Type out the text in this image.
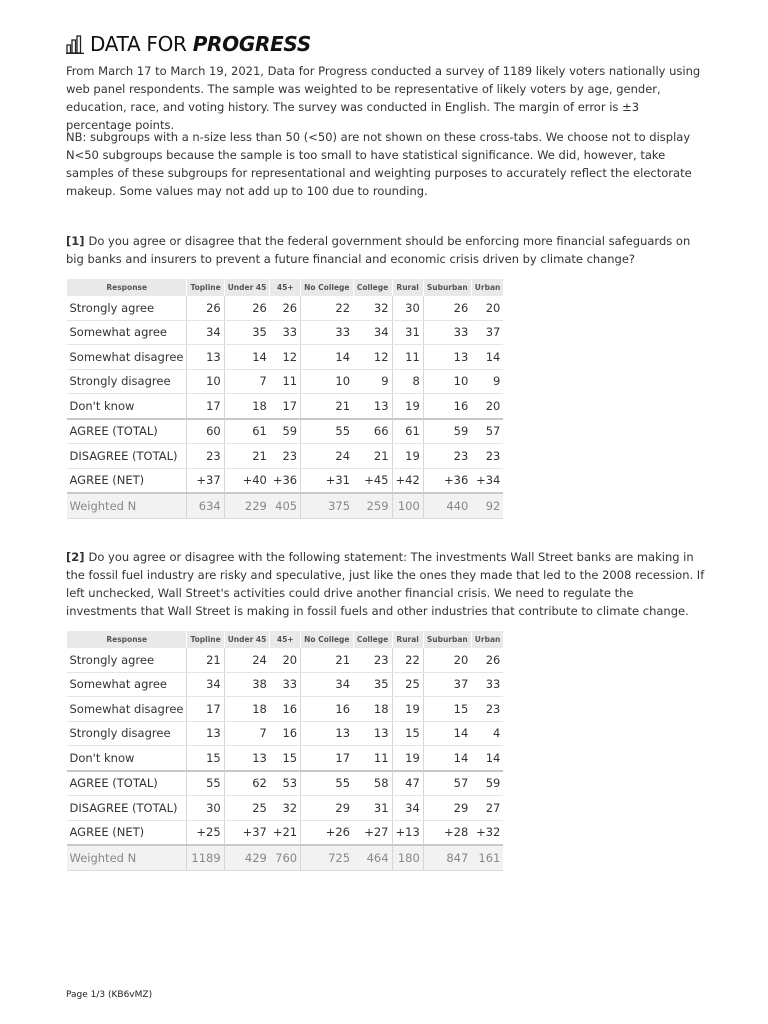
DATA FOR PROGRESS

From March 17 to March 19, 2021, Data for Progress conducted a survey of 1189 likely voters nationally using web panel respondents. The sample was weighted to be representative of likely voters by age, gender, education, race, and voting history. The survey was conducted in English. The margin of error is ±3 percentage points.

NB: subgroups with a n-size less than 50 (<50) are not shown on these cross-tabs. We choose not to display N<50 subgroups because the sample is too small to have statistical significance. We did, however, take samples of these subgroups for representational and weighting purposes to accurately reflect the electorate makeup. Some values may not add up to 100 due to rounding.

[1] Do you agree or disagree that the federal government should be enforcing more financial safeguards on big banks and insurers to prevent a future financial and economic crisis driven by climate change?

Response	Topline	Under 45	45+	No College	College	Rural	Suburban	Urban
Strongly agree	26	26	26	22	32	30	26	20
Somewhat agree	34	35	33	33	34	31	33	37
Somewhat disagree	13	14	12	14	12	11	13	14
Strongly disagree	10	7	11	10	9	8	10	9
Don't know	17	18	17	21	13	19	16	20
AGREE (TOTAL)	60	61	59	55	66	61	59	57
DISAGREE (TOTAL)	23	21	23	24	21	19	23	23
AGREE (NET)	+37	+40	+36	+31	+45	+42	+36	+34
Weighted N	634	229	405	375	259	100	440	92

[2] Do you agree or disagree with the following statement: The investments Wall Street banks are making in the fossil fuel industry are risky and speculative, just like the ones they made that led to the 2008 recession. If left unchecked, Wall Street's activities could drive another financial crisis. We need to regulate the investments that Wall Street is making in fossil fuels and other industries that contribute to climate change.

Response	Topline	Under 45	45+	No College	College	Rural	Suburban	Urban
Strongly agree	21	24	20	21	23	22	20	26
Somewhat agree	34	38	33	34	35	25	37	33
Somewhat disagree	17	18	16	16	18	19	15	23
Strongly disagree	13	7	16	13	13	15	14	4
Don't know	15	13	15	17	11	19	14	14
AGREE (TOTAL)	55	62	53	55	58	47	57	59
DISAGREE (TOTAL)	30	25	32	29	31	34	29	27
AGREE (NET)	+25	+37	+21	+26	+27	+13	+28	+32
Weighted N	1189	429	760	725	464	180	847	161
Page 1/3 (KB6vMZ)
